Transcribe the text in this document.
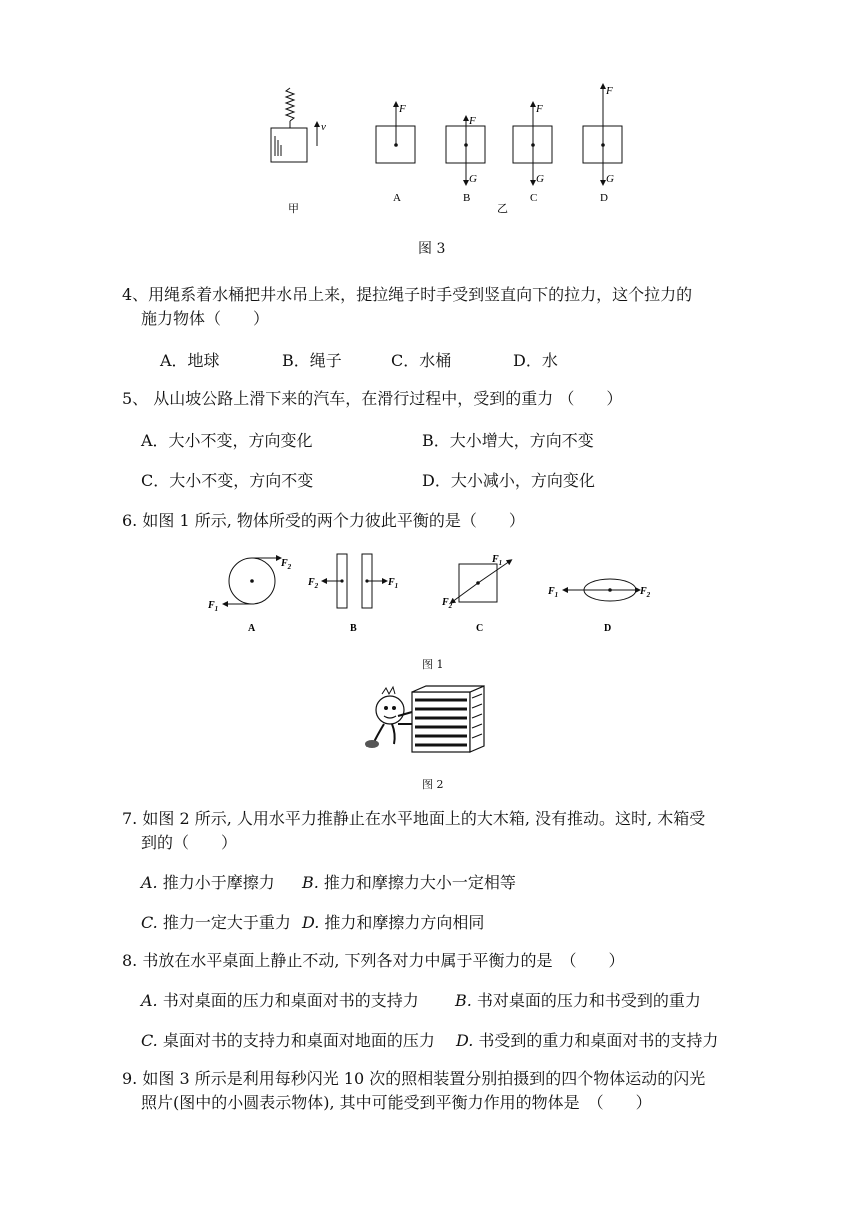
v
F
F
G
F
G
F
G
A	B	C	D
甲	乙
图 3
4、用绳系着水桶把井水吊上来，提拉绳子时手受到竖直向下的拉力，这个拉力的
施力物体（　　）
A．地球	B．绳子	C．水桶	D．水
5、 从山坡公路上滑下来的汽车，在滑行过程中，受到的重力 （　　）
A．大小不变，方向变化	B．大小增大，方向不变
C．大小不变，方向不变	D．大小减小，方向变化
6. 如图 1 所示, 物体所受的两个力彼此平衡的是（　　）
$F_2$
$F_1$
$F_2$	$F_1$
$F_1$
$F_2$
$F_1$	$F_2$
A	B	C	D
图 1
图 2
7. 如图 2 所示, 人用水平力推静止在水平地面上的大木箱, 没有推动。这时, 木箱受
到的（　　）
A. 推力小于摩擦力 B. 推力和摩擦力大小一定相等
C. 推力一定大于重力 D. 推力和摩擦力方向相同
8. 书放在水平桌面上静止不动, 下列各对力中属于平衡力的是　（　　）
A. 书对桌面的压力和桌面对书的支持力 B. 书对桌面的压力和书受到的重力
C. 桌面对书的支持力和桌面对地面的压力 D. 书受到的重力和桌面对书的支持力
9. 如图 3 所示是利用每秒闪光 10 次的照相装置分别拍摄到的四个物体运动的闪光
照片(图中的小圆表示物体), 其中可能受到平衡力作用的物体是　（　　）
